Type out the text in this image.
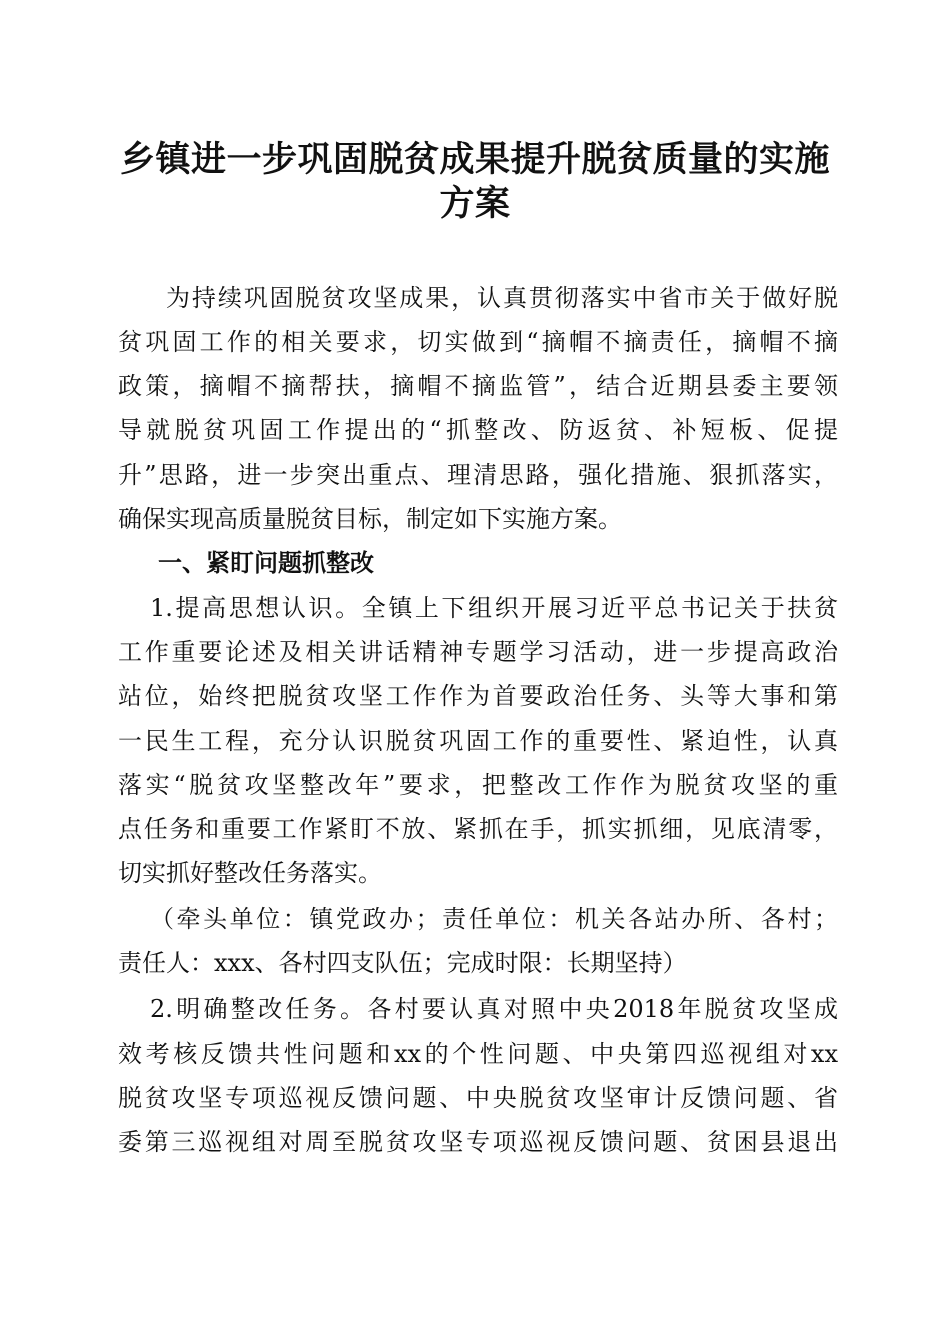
乡镇进一步巩固脱贫成果提升脱贫质量的实施
方案

为持续巩固脱贫攻坚成果，认真贯彻落实中省市关于做好脱

贫巩固工作的相关要求，切实做到“摘帽不摘责任，摘帽不摘

政策，摘帽不摘帮扶，摘帽不摘监管”，结合近期县委主要领

导就脱贫巩固工作提出的“抓整改、防返贫、补短板、促提

升”思路，进一步突出重点、理清思路，强化措施、狠抓落实，

确保实现高质量脱贫目标，制定如下实施方案。

一、紧盯问题抓整改

1.提高思想认识。全镇上下组织开展习近平总书记关于扶贫

工作重要论述及相关讲话精神专题学习活动，进一步提高政治

站位，始终把脱贫攻坚工作作为首要政治任务、头等大事和第

一民生工程，充分认识脱贫巩固工作的重要性、紧迫性，认真

落实“脱贫攻坚整改年”要求，把整改工作作为脱贫攻坚的重

点任务和重要工作紧盯不放、紧抓在手，抓实抓细，见底清零，

切实抓好整改任务落实。

（牵头单位：镇党政办；责任单位：机关各站办所、各村；

责任人：xxx、各村四支队伍；完成时限：长期坚持）

2.明确整改任务。各村要认真对照中央2018年脱贫攻坚成

效考核反馈共性问题和xx的个性问题、中央第四巡视组对xx

脱贫攻坚专项巡视反馈问题、中央脱贫攻坚审计反馈问题、省

委第三巡视组对周至脱贫攻坚专项巡视反馈问题、贫困县退出
